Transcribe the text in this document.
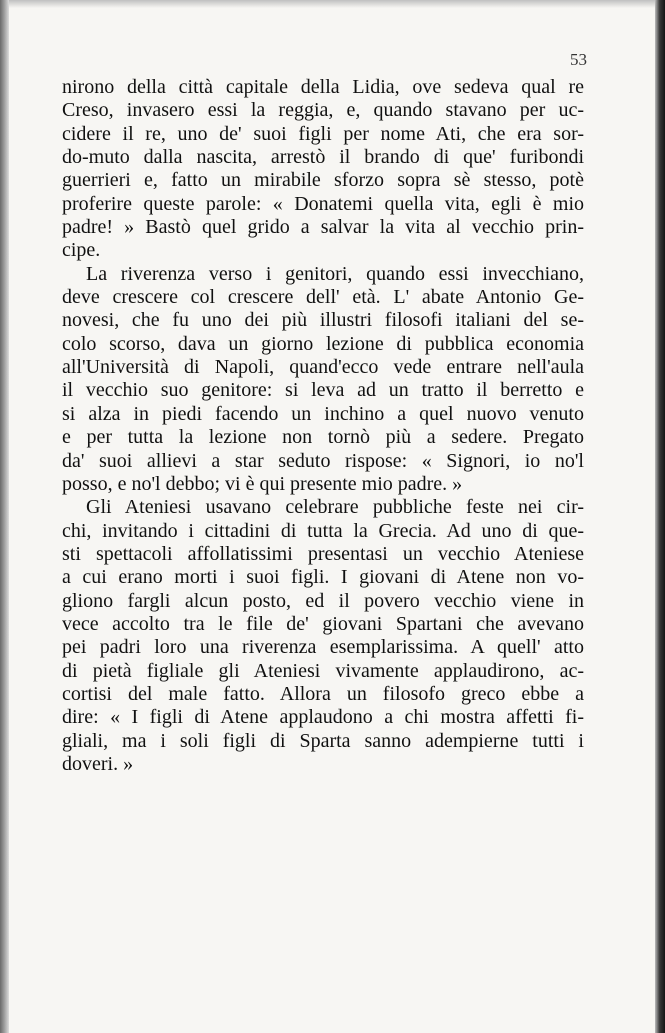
53
nirono della città capitale della Lidia, ove sedeva qual re
Creso, invasero essi la reggia, e, quando stavano per uc-
cidere il re, uno de' suoi figli per nome Ati, che era sor-
do-muto dalla nascita, arrestò il brando di que' furibondi
guerrieri e, fatto un mirabile sforzo sopra sè stesso, potè
proferire queste parole: « Donatemi quella vita, egli è mio
padre! » Bastò quel grido a salvar la vita al vecchio prin-
cipe.
La riverenza verso i genitori, quando essi invecchiano,
deve crescere col crescere dell' età. L' abate Antonio Ge-
novesi, che fu uno dei più illustri filosofi italiani del se-
colo scorso, dava un giorno lezione di pubblica economia
all'Università di Napoli, quand'ecco vede entrare nell'aula
il vecchio suo genitore: si leva ad un tratto il berretto e
si alza in piedi facendo un inchino a quel nuovo venuto
e per tutta la lezione non tornò più a sedere. Pregato
da' suoi allievi a star seduto rispose: « Signori, io no'l
posso, e no'l debbo; vi è qui presente mio padre. »
Gli Ateniesi usavano celebrare pubbliche feste nei cir-
chi, invitando i cittadini di tutta la Grecia. Ad uno di que-
sti spettacoli affollatissimi presentasi un vecchio Ateniese
a cui erano morti i suoi figli. I giovani di Atene non vo-
gliono fargli alcun posto, ed il povero vecchio viene in
vece accolto tra le file de' giovani Spartani che avevano
pei padri loro una riverenza esemplarissima. A quell' atto
di pietà figliale gli Ateniesi vivamente applaudirono, ac-
cortisi del male fatto. Allora un filosofo greco ebbe a
dire: « I figli di Atene applaudono a chi mostra affetti fi-
gliali, ma i soli figli di Sparta sanno adempierne tutti i
doveri. »
